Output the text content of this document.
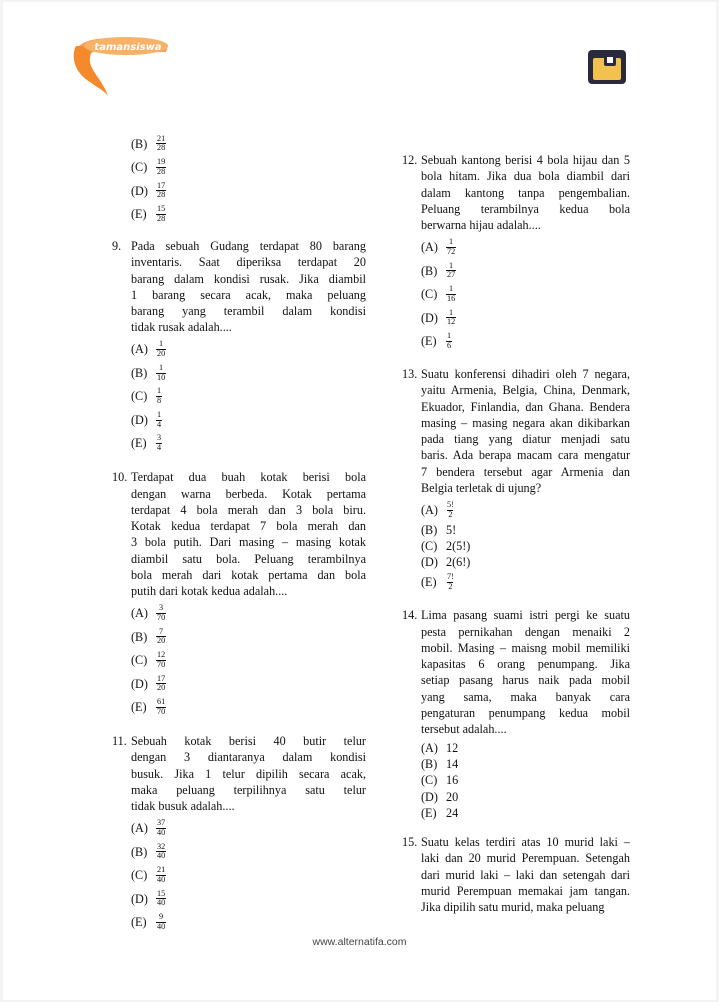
tamansiswa
(B)	$\frac{21}{28}$
(C)	$\frac{19}{28}$
$(D) \frac{17}{28}$
(E)	$\frac{15}{28}$
9. Pada sebuah Gudang terdapat 80 barang
inventaris. Saat diperiksa terdapat 20
barang dalam kondisi rusak. Jika diambil
1 barang secara acak, maka peluang
barang yang terambil dalam kondisi
tidak rusak adalah....
$(A) \frac{1}{20}$
(B)	$\frac{1}{10}$
(C)	$\frac{1}{8}$
$(D) \frac{1}{4}$
(E)	$\frac{3}{4}$
10. Terdapat dua buah kotak berisi bola
dengan warna berbeda. Kotak pertama
terdapat 4 bola merah dan 3 bola biru.
Kotak kedua terdapat 7 bola merah dan
3 bola putih. Dari masing – masing kotak
diambil satu bola. Peluang terambilnya
bola merah dari kotak pertama dan bola
putih dari kotak kedua adalah....
$(A) \frac{3}{70}$
(B)	$\frac{7}{20}$
(C)	$\frac{12}{70}$
$(D) \frac{17}{20}$
(E)	$\frac{61}{70}$
11. Sebuah kotak berisi 40 butir telur
dengan 3 diantaranya dalam kondisi
busuk. Jika 1 telur dipilih secara acak,
maka peluang terpilihnya satu telur
tidak busuk adalah....
$(A) \frac{37}{40}$
(B)	$\frac{32}{40}$
(C)	$\frac{21}{40}$
$(D) \frac{15}{40}$
(E)	$\frac{9}{40}$
12. Sebuah kantong berisi 4 bola hijau dan 5
bola hitam. Jika dua bola diambil dari
dalam kantong tanpa pengembalian.
Peluang terambilnya kedua bola
berwarna hijau adalah....
$(A) \frac{1}{72}$
(B)	$\frac{1}{27}$
(C)	$\frac{1}{16}$
$(D) \frac{1}{12}$
(E)	$\frac{1}{6}$
13. Suatu konferensi dihadiri oleh 7 negara,
yaitu Armenia, Belgia, China, Denmark,
Ekuador, Finlandia, dan Ghana. Bendera
masing – masing negara akan dikibarkan
pada tiang yang diatur menjadi satu
baris. Ada berapa macam cara mengatur
7 bendera tersebut agar Armenia dan
Belgia terletak di ujung?
$(A) \frac{5!}{2}$
(B) 5!
(C) 2(5!)
(D) 2(6!)
(E)	$\frac{7!}{2}$
14. Lima pasang suami istri pergi ke suatu
pesta pernikahan dengan menaiki 2
mobil. Masing – maisng mobil memiliki
kapasitas 6 orang penumpang. Jika
setiap pasang harus naik pada mobil
yang sama, maka banyak cara
pengaturan penumpang kedua mobil
tersebut adalah....
(A) 12
(B) 14
(C) 16
(D) 20
(E) 24
15. Suatu kelas terdiri atas 10 murid laki –
laki dan 20 murid Perempuan. Setengah
dari murid laki – laki dan setengah dari
murid Perempuan memakai jam tangan.
Jika dipilih satu murid, maka peluang
www.alternatifa.com
